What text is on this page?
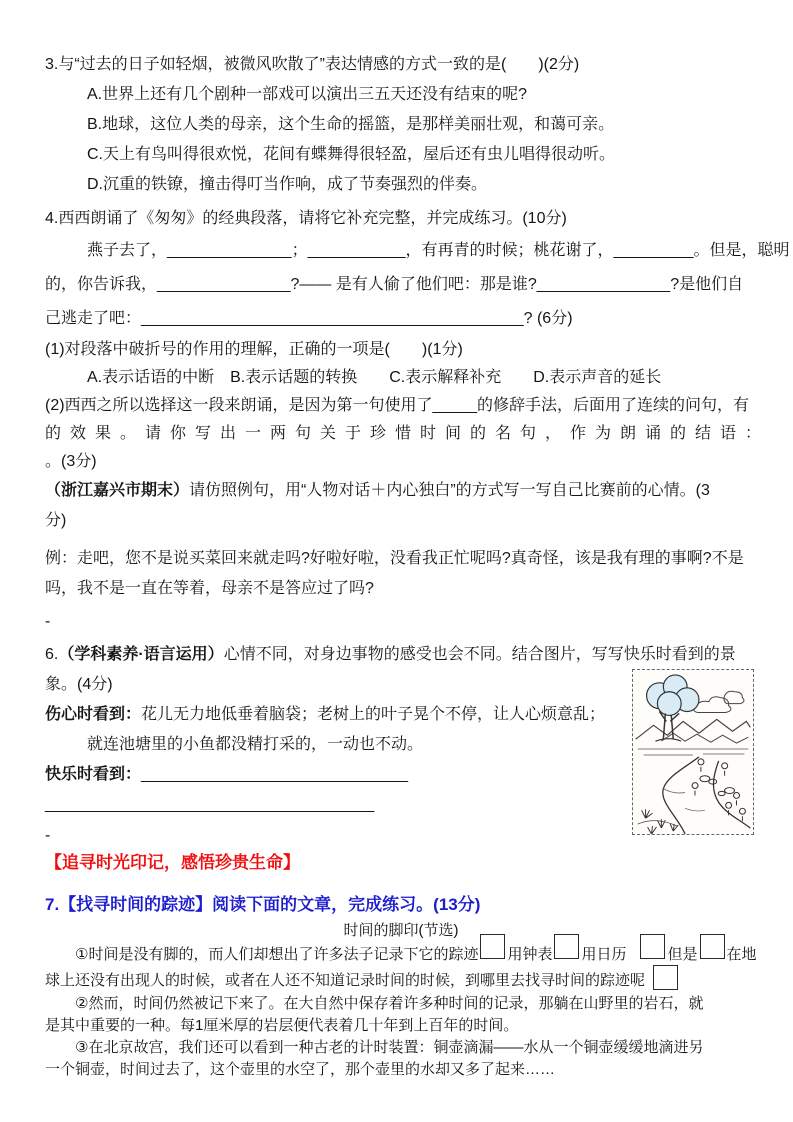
3.与“过去的日子如轻烟，被微风吹散了”表达情感的方式一致的是(　　)(2分)
A.世界上还有几个剧种一部戏可以演出三五天还没有结束的呢?
B.地球，这位人类的母亲，这个生命的摇篮，是那样美丽壮观，和蔼可亲。
C.天上有鸟叫得很欢悦，花间有蝶舞得很轻盈，屋后还有虫儿唱得很动听。
D.沉重的铁镣，撞击得叮当作响，成了节奏强烈的伴奏。
4.西西朗诵了《匆匆》的经典段落，请将它补充完整，并完成练习。(10分)
燕子去了，______________；___________，有再青的时候；桃花谢了，_________。但是，聪明
的，你告诉我，_______________?—— 是有人偷了他们吧：那是谁?_______________?是他们自
己逃走了吧：___________________________________________? (6分)
(1)对段落中破折号的作用的理解，正确的一项是(　　)(1分)
A.表示话语的中断　B.表示话题的转换　　C.表示解释补充　　D.表示声音的延长
(2)西西之所以选择这一段来朗诵，是因为第一句使用了_____的修辞手法，后面用了连续的问句，有
的效果。请你写出一两句关于珍惜时间的名句，作为朗诵的结语：
。(3分)
（浙江嘉兴市期末）请仿照例句，用“人物对话＋内心独白”的方式写一写自己比赛前的心情。(3
分)
例：走吧，您不是说买菜回来就走吗?好啦好啦，没看我正忙呢吗?真奇怪，该是我有理的事啊?不是
吗，我不是一直在等着，母亲不是答应过了吗?
-
6.（学科素养·语言运用）心情不同，对身边事物的感受也会不同。结合图片，写写快乐时看到的景
象。(4分)
伤心时看到：花儿无力地低垂着脑袋；老树上的叶子晃个不停，让人心烦意乱；
就连池塘里的小鱼都没精打采的，一动也不动。
快乐时看到：______________________________
_____________________________________
-
【追寻时光印记，感悟珍贵生命】
7.【找寻时间的踪迹】阅读下面的文章，完成练习。(13分)
时间的脚印(节选)
①时间是没有脚的，而人们却想出了许多法子记录下它的踪迹 用钟表 用日历	但是 在地
球上还没有出现人的时候，或者在人还不知道记录时间的时候，到哪里去找寻时间的踪迹呢
②然而，时间仍然被记下来了。在大自然中保存着许多种时间的记录，那躺在山野里的岩石，就
是其中重要的一种。每1厘米厚的岩层便代表着几十年到上百年的时间。
③在北京故宫，我们还可以看到一种古老的计时装置：铜壶滴漏——水从一个铜壶缓缓地滴进另
一个铜壶，时间过去了，这个壶里的水空了，那个壶里的水却又多了起来……
